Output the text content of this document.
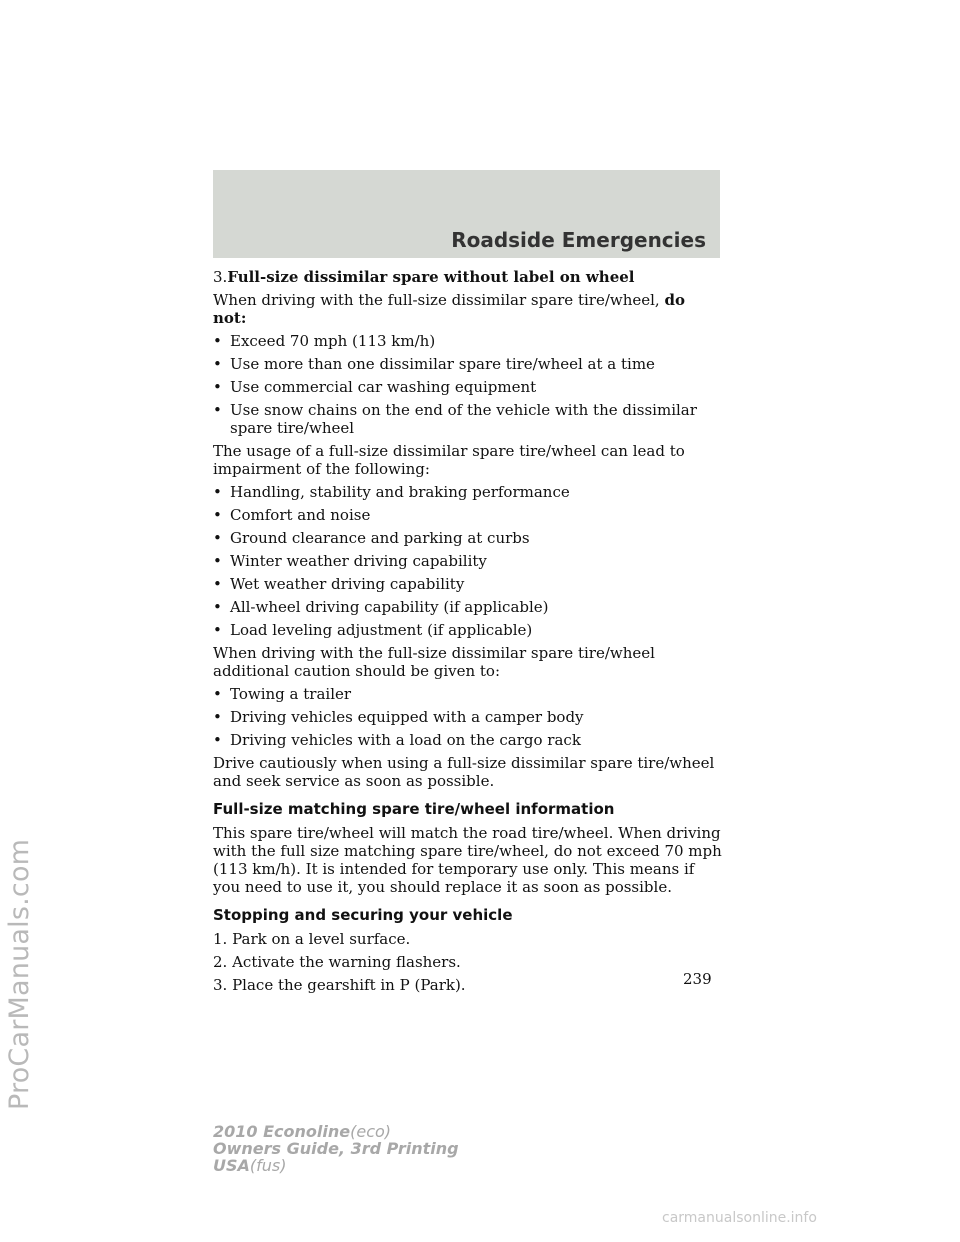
ProCarManuals.com
Roadside Emergencies

3.Full-size dissimilar spare without label on wheel

When driving with the full-size dissimilar spare tire/wheel, do not:

• Exceed 70 mph (113 km/h)
• Use more than one dissimilar spare tire/wheel at a time
• Use commercial car washing equipment
• Use snow chains on the end of the vehicle with the dissimilar spare tire/wheel

The usage of a full-size dissimilar spare tire/wheel can lead to impairment of the following:

• Handling, stability and braking performance
• Comfort and noise
• Ground clearance and parking at curbs
• Winter weather driving capability
• Wet weather driving capability
• All-wheel driving capability (if applicable)
• Load leveling adjustment (if applicable)

When driving with the full-size dissimilar spare tire/wheel additional caution should be given to:

• Towing a trailer
• Driving vehicles equipped with a camper body
• Driving vehicles with a load on the cargo rack

Drive cautiously when using a full-size dissimilar spare tire/wheel and seek service as soon as possible.

Full-size matching spare tire/wheel information

This spare tire/wheel will match the road tire/wheel. When driving with the full size matching spare tire/wheel, do not exceed 70 mph (113 km/h). It is intended for temporary use only. This means if you need to use it, you should replace it as soon as possible.

Stopping and securing your vehicle

1. Park on a level surface.

2. Activate the warning flashers.

3. Place the gearshift in P (Park).	239
2010 Econoline(eco)
Owners Guide, 3rd Printing
USA(fus)
carmanualsonline.info
